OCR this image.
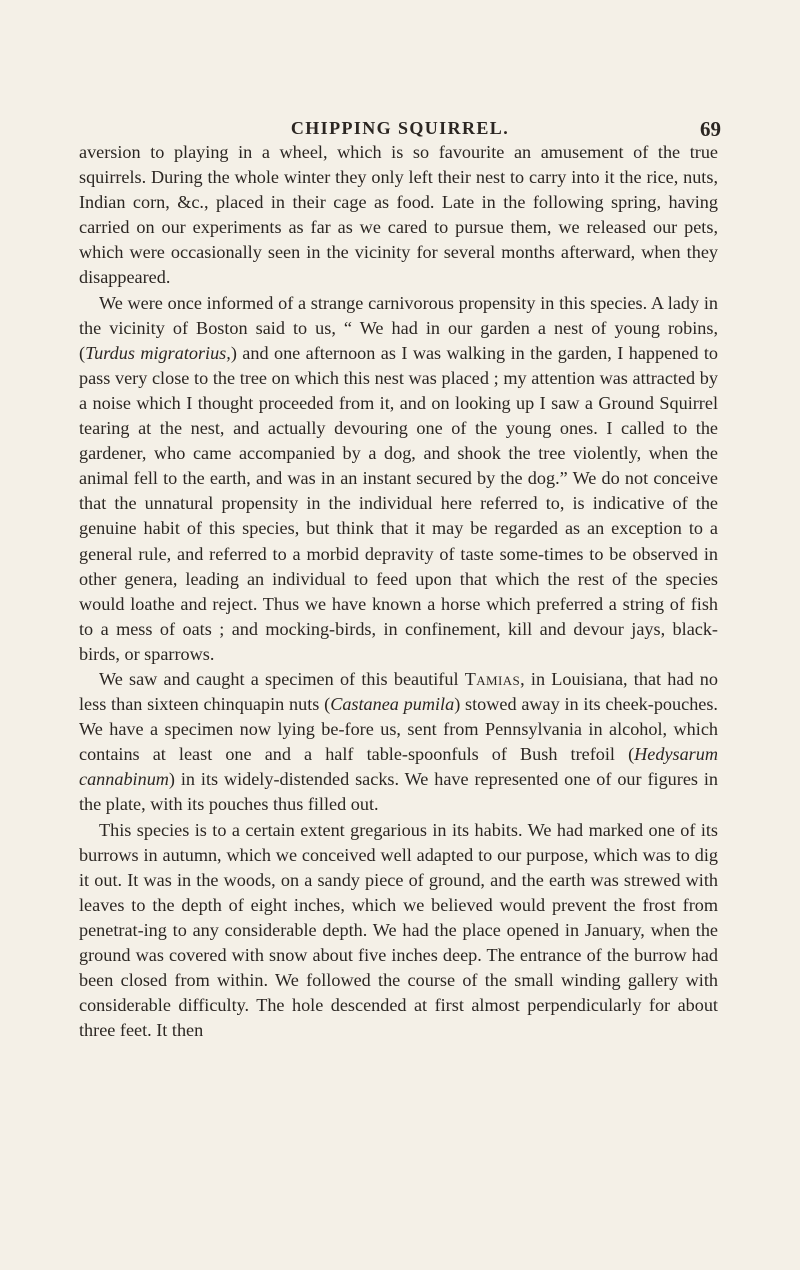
CHIPPING SQUIRREL.	69

aversion to playing in a wheel, which is so favourite an amusement of the true squirrels. During the whole winter they only left their nest to carry into it the rice, nuts, Indian corn, &c., placed in their cage as food. Late in the following spring, having carried on our experiments as far as we cared to pursue them, we released our pets, which were occasionally seen in the vicinity for several months afterward, when they disappeared.

We were once informed of a strange carnivorous propensity in this species. A lady in the vicinity of Boston said to us, “ We had in our garden a nest of young robins, (Turdus migratorius,) and one afternoon as I was walking in the garden, I happened to pass very close to the tree on which this nest was placed ; my attention was attracted by a noise which I thought proceeded from it, and on looking up I saw a Ground Squirrel tearing at the nest, and actually devouring one of the young ones. I called to the gardener, who came accompanied by a dog, and shook the tree violently, when the animal fell to the earth, and was in an instant secured by the dog.” We do not conceive that the unnatural propensity in the individual here referred to, is indicative of the genuine habit of this species, but think that it may be regarded as an exception to a general rule, and referred to a morbid depravity of taste some-times to be observed in other genera, leading an individual to feed upon that which the rest of the species would loathe and reject. Thus we have known a horse which preferred a string of fish to a mess of oats ; and mocking-birds, in confinement, kill and devour jays, black-birds, or sparrows.

We saw and caught a specimen of this beautiful Tamias, in Louisiana, that had no less than sixteen chinquapin nuts (Castanea pumila) stowed away in its cheek-pouches. We have a specimen now lying be-fore us, sent from Pennsylvania in alcohol, which contains at least one and a half table-spoonfuls of Bush trefoil (Hedysarum cannabinum) in its widely-distended sacks. We have represented one of our figures in the plate, with its pouches thus filled out.

This species is to a certain extent gregarious in its habits. We had marked one of its burrows in autumn, which we conceived well adapted to our purpose, which was to dig it out. It was in the woods, on a sandy piece of ground, and the earth was strewed with leaves to the depth of eight inches, which we believed would prevent the frost from penetrat-ing to any considerable depth. We had the place opened in January, when the ground was covered with snow about five inches deep. The entrance of the burrow had been closed from within. We followed the course of the small winding gallery with considerable difficulty. The hole descended at first almost perpendicularly for about three feet. It then
